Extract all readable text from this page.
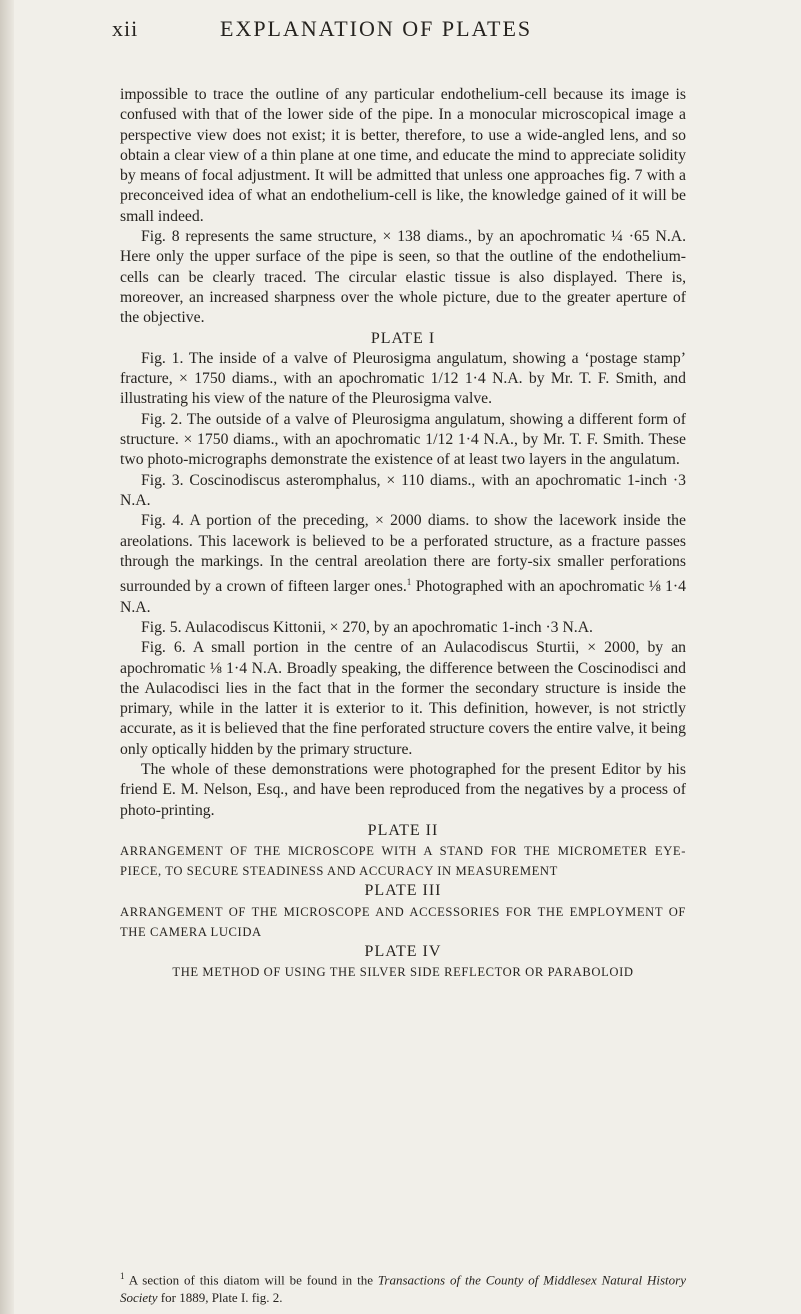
xii	EXPLANATION OF PLATES

impossible to trace the outline of any particular endothelium-cell because its image is confused with that of the lower side of the pipe. In a monocular microscopical image a perspective view does not exist; it is better, therefore, to use a wide-angled lens, and so obtain a clear view of a thin plane at one time, and educate the mind to appreciate solidity by means of focal adjustment. It will be admitted that unless one approaches fig. 7 with a preconceived idea of what an endothelium-cell is like, the knowledge gained of it will be small indeed.

Fig. 8 represents the same structure, × 138 diams., by an apochromatic ¼ ·65 N.A. Here only the upper surface of the pipe is seen, so that the outline of the endothelium-cells can be clearly traced. The circular elastic tissue is also displayed. There is, moreover, an increased sharpness over the whole picture, due to the greater aperture of the objective.

PLATE I

Fig. 1. The inside of a valve of Pleurosigma angulatum, showing a ‘postage stamp’ fracture, × 1750 diams., with an apochromatic 1/12 1·4 N.A. by Mr. T. F. Smith, and illustrating his view of the nature of the Pleurosigma valve.

Fig. 2. The outside of a valve of Pleurosigma angulatum, showing a different form of structure. × 1750 diams., with an apochromatic 1/12 1·4 N.A., by Mr. T. F. Smith. These two photo-micrographs demonstrate the existence of at least two layers in the angulatum.

Fig. 3. Coscinodiscus asteromphalus, × 110 diams., with an apochromatic 1-inch ·3 N.A.

Fig. 4. A portion of the preceding, × 2000 diams. to show the lacework inside the areolations. This lacework is believed to be a perforated structure, as a fracture passes through the markings. In the central areolation there are forty-six smaller perforations surrounded by a crown of fifteen larger ones.$^1$ Photographed with an apochromatic ⅛ 1·4 N.A.

Fig. 5. Aulacodiscus Kittonii, × 270, by an apochromatic 1-inch ·3 N.A.

Fig. 6. A small portion in the centre of an Aulacodiscus Sturtii, × 2000, by an apochromatic ⅛ 1·4 N.A. Broadly speaking, the difference between the Coscinodisci and the Aulacodisci lies in the fact that in the former the secondary structure is inside the primary, while in the latter it is exterior to it. This definition, however, is not strictly accurate, as it is believed that the fine perforated structure covers the entire valve, it being only optically hidden by the primary structure.

The whole of these demonstrations were photographed for the present Editor by his friend E. M. Nelson, Esq., and have been reproduced from the negatives by a process of photo-printing.

PLATE II

ARRANGEMENT OF THE MICROSCOPE WITH A STAND FOR THE MICROMETER EYE-PIECE, TO SECURE STEADINESS AND ACCURACY IN MEASUREMENT

PLATE III

ARRANGEMENT OF THE MICROSCOPE AND ACCESSORIES FOR THE EMPLOYMENT OF THE CAMERA LUCIDA

PLATE IV

THE METHOD OF USING THE SILVER SIDE REFLECTOR OR PARABOLOID

$^1$ A section of this diatom will be found in the Transactions of the County of Middlesex Natural History Society for 1889, Plate I. fig. 2.
